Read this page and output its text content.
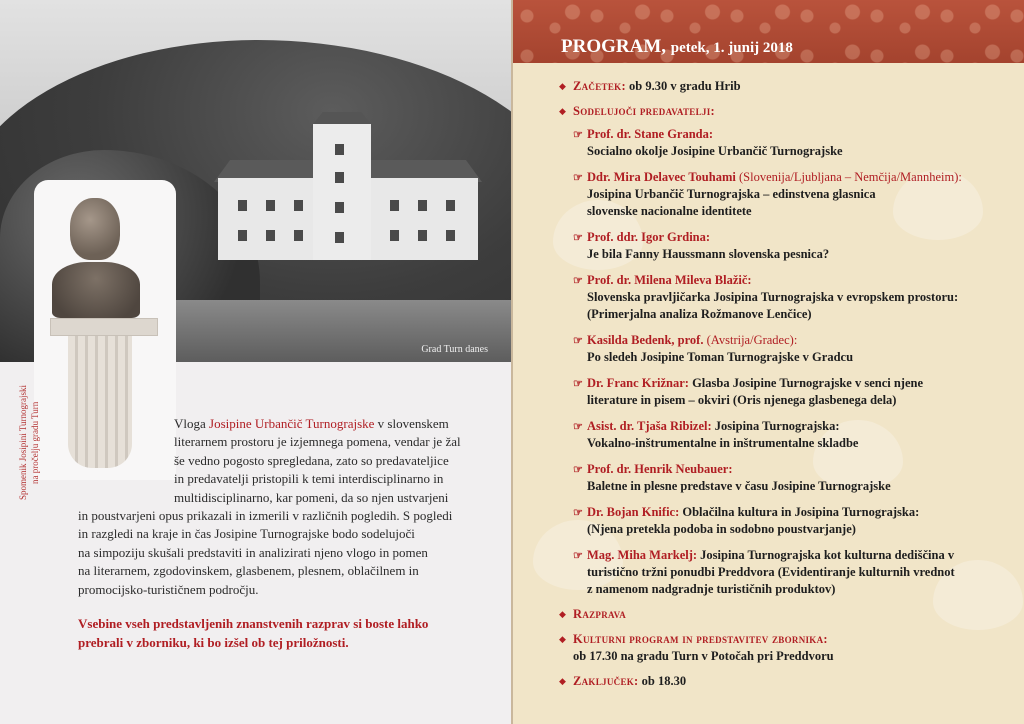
Grad Turn danes
Spomenik Josipini Turnograjski na pročelju gradu Turn	Vloga Josipine Urbančič Turnograjske v slovenskem
literarnem prostoru je izjemnega pomena, vendar je žal
še vedno pogosto spregledana, zato so predavateljice
in predavatelji pristopili k temi interdisciplinarno in
multidisciplinarno, kar pomeni, da so njen ustvarjeni
in poustvarjeni opus prikazali in izmerili v različnih pogledih. S pogledi
in razgledi na kraje in čas Josipine Turnograjske bodo sodelujoči
na simpoziju skušali predstaviti in analizirati njeno vlogo in pomen
na literarnem, zgodovinskem, glasbenem, plesnem, oblačilnem in
promocijsko-turističnem področju.
Vsebine vseh predstavljenih znanstvenih razprav si boste lahko
prebrali v zborniku, ki bo izšel ob tej priložnosti.
PROGRAM, petek, 1. junij 2018
◆ Začetek: ob 9.30 v gradu Hrib
◆ Sodelujoči predavatelji:
☞ Prof. dr. Stane Granda:
Socialno okolje Josipine Urbančič Turnograjske
☞ Ddr. Mira Delavec Touhami (Slovenija/Ljubljana – Nemčija/Mannheim):
Josipina Urbančič Turnograjska – edinstvena glasnica
slovenske nacionalne identitete
☞ Prof. ddr. Igor Grdina:
Je bila Fanny Haussmann slovenska pesnica?
☞ Prof. dr. Milena Mileva Blažič:
Slovenska pravljičarka Josipina Turnograjska v evropskem prostoru:
(Primerjalna analiza Rožmanove Lenčice)
☞ Kasilda Bedenk, prof. (Avstrija/Gradec):
Po sledeh Josipine Toman Turnograjske v Gradcu
☞ Dr. Franc Križnar: Glasba Josipine Turnograjske v senci njene
literature in pisem – okviri (Oris njenega glasbenega dela)
☞ Asist. dr. Tjaša Ribizel: Josipina Turnograjska:
Vokalno-inštrumentalne in inštrumentalne skladbe
☞ Prof. dr. Henrik Neubauer:
Baletne in plesne predstave v času Josipine Turnograjske
☞ Dr. Bojan Knific: Oblačilna kultura in Josipina Turnograjska:
(Njena pretekla podoba in sodobno poustvarjanje)
☞ Mag. Miha Markelj: Josipina Turnograjska kot kulturna dediščina v
turistično tržni ponudbi Preddvora (Evidentiranje kulturnih vrednot
z namenom nadgradnje turističnih produktov)
◆ Razprava
◆ Kulturni program in predstavitev zbornika:
ob 17.30 na gradu Turn v Potočah pri Preddvoru
◆ Zaključek: ob 18.30
